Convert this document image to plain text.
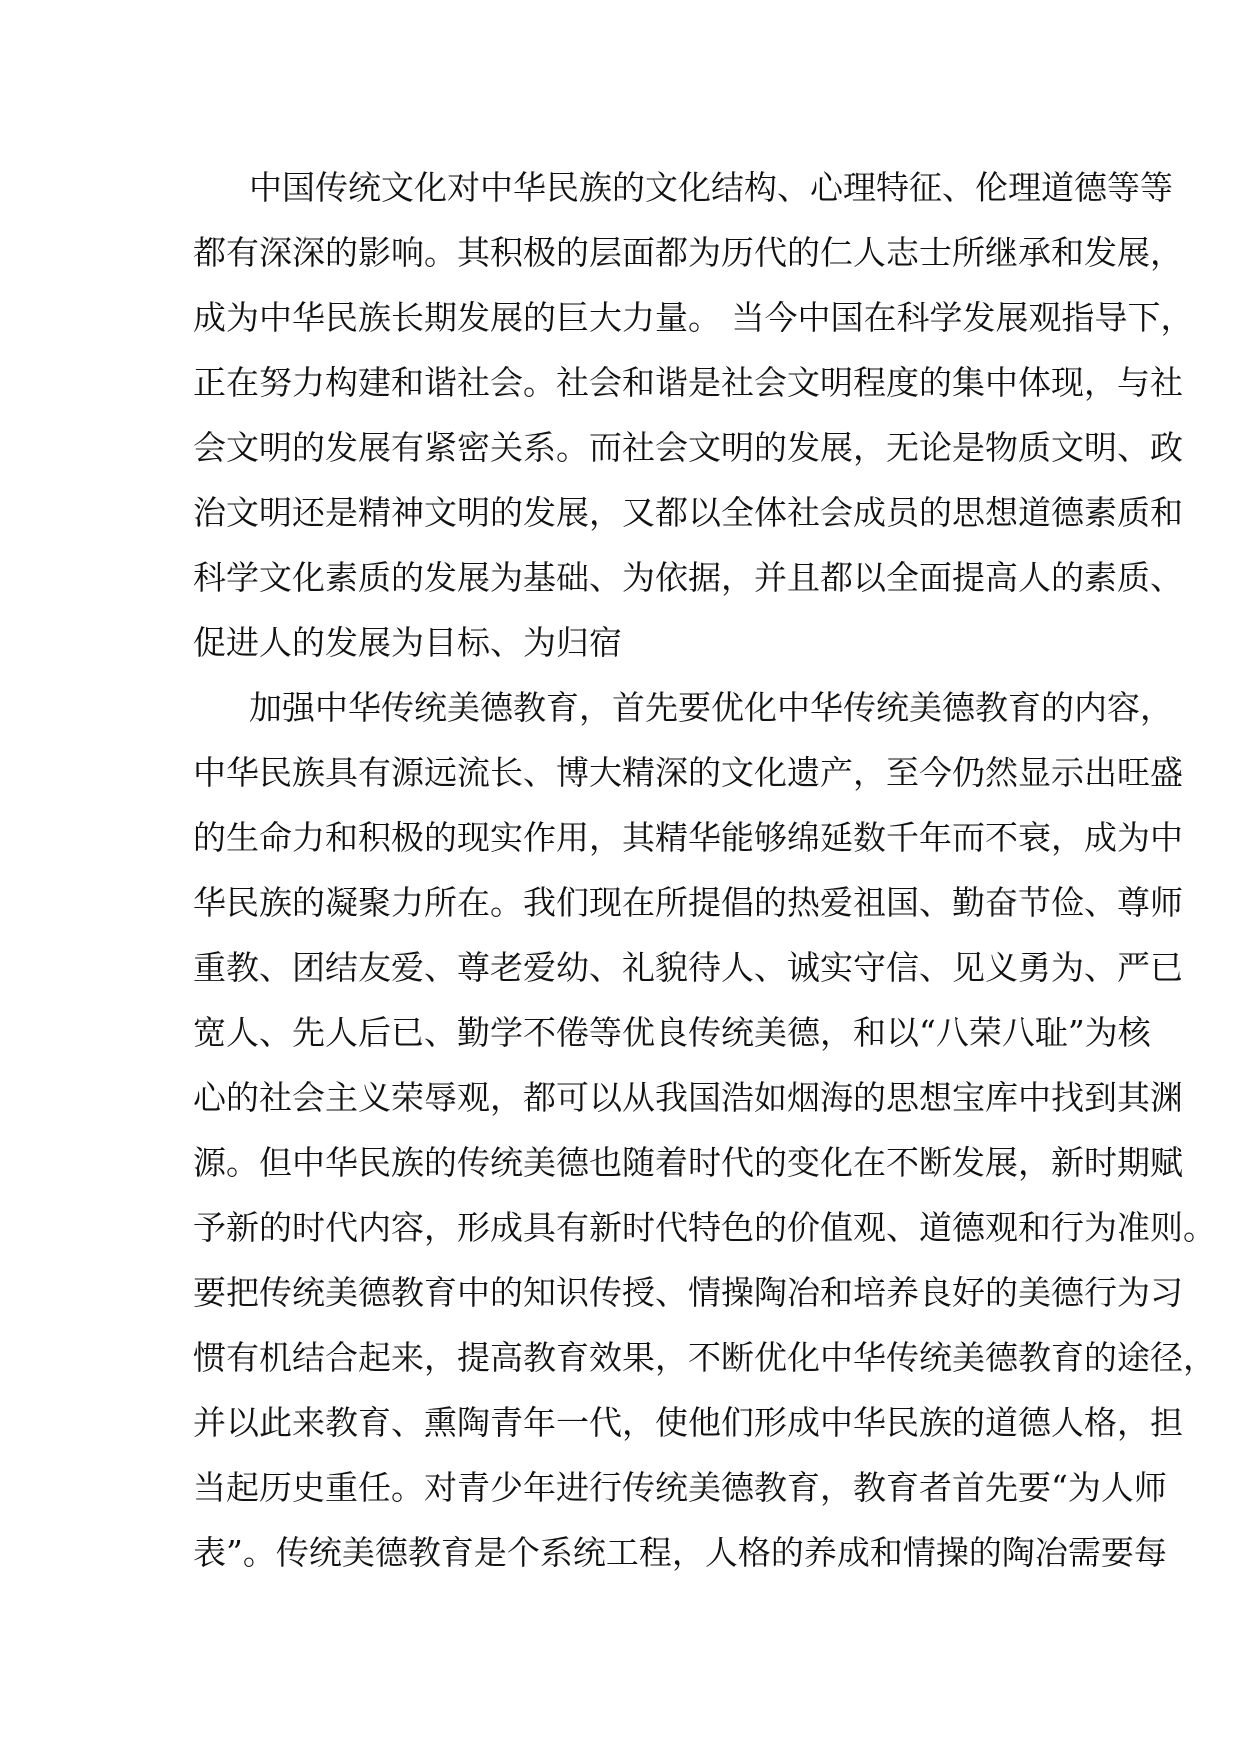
中国传统文化对中华民族的文化结构、心理特征、伦理道德等等
都有深深的影响。其积极的层面都为历代的仁人志士所继承和发展，
成为中华民族长期发展的巨大力量。 当今中国在科学发展观指导下，
正在努力构建和谐社会。社会和谐是社会文明程度的集中体现，与社
会文明的发展有紧密关系。而社会文明的发展，无论是物质文明、政
治文明还是精神文明的发展，又都以全体社会成员的思想道德素质和
科学文化素质的发展为基础、为依据，并且都以全面提高人的素质、
促进人的发展为目标、为归宿
加强中华传统美德教育，首先要优化中华传统美德教育的内容，
中华民族具有源远流长、博大精深的文化遗产，至今仍然显示出旺盛
的生命力和积极的现实作用，其精华能够绵延数千年而不衰，成为中
华民族的凝聚力所在。我们现在所提倡的热爱祖国、勤奋节俭、尊师
重教、团结友爱、尊老爱幼、礼貌待人、诚实守信、见义勇为、严已
宽人、先人后已、勤学不倦等优良传统美德，和以“八荣八耻”为核
心的社会主义荣辱观，都可以从我国浩如烟海的思想宝库中找到其渊
源。但中华民族的传统美德也随着时代的变化在不断发展，新时期赋
予新的时代内容，形成具有新时代特色的价值观、道德观和行为准则。
要把传统美德教育中的知识传授、情操陶冶和培养良好的美德行为习
惯有机结合起来，提高教育效果，不断优化中华传统美德教育的途径，
并以此来教育、熏陶青年一代，使他们形成中华民族的道德人格，担
当起历史重任。对青少年进行传统美德教育，教育者首先要“为人师
表”。传统美德教育是个系统工程，人格的养成和情操的陶冶需要每
